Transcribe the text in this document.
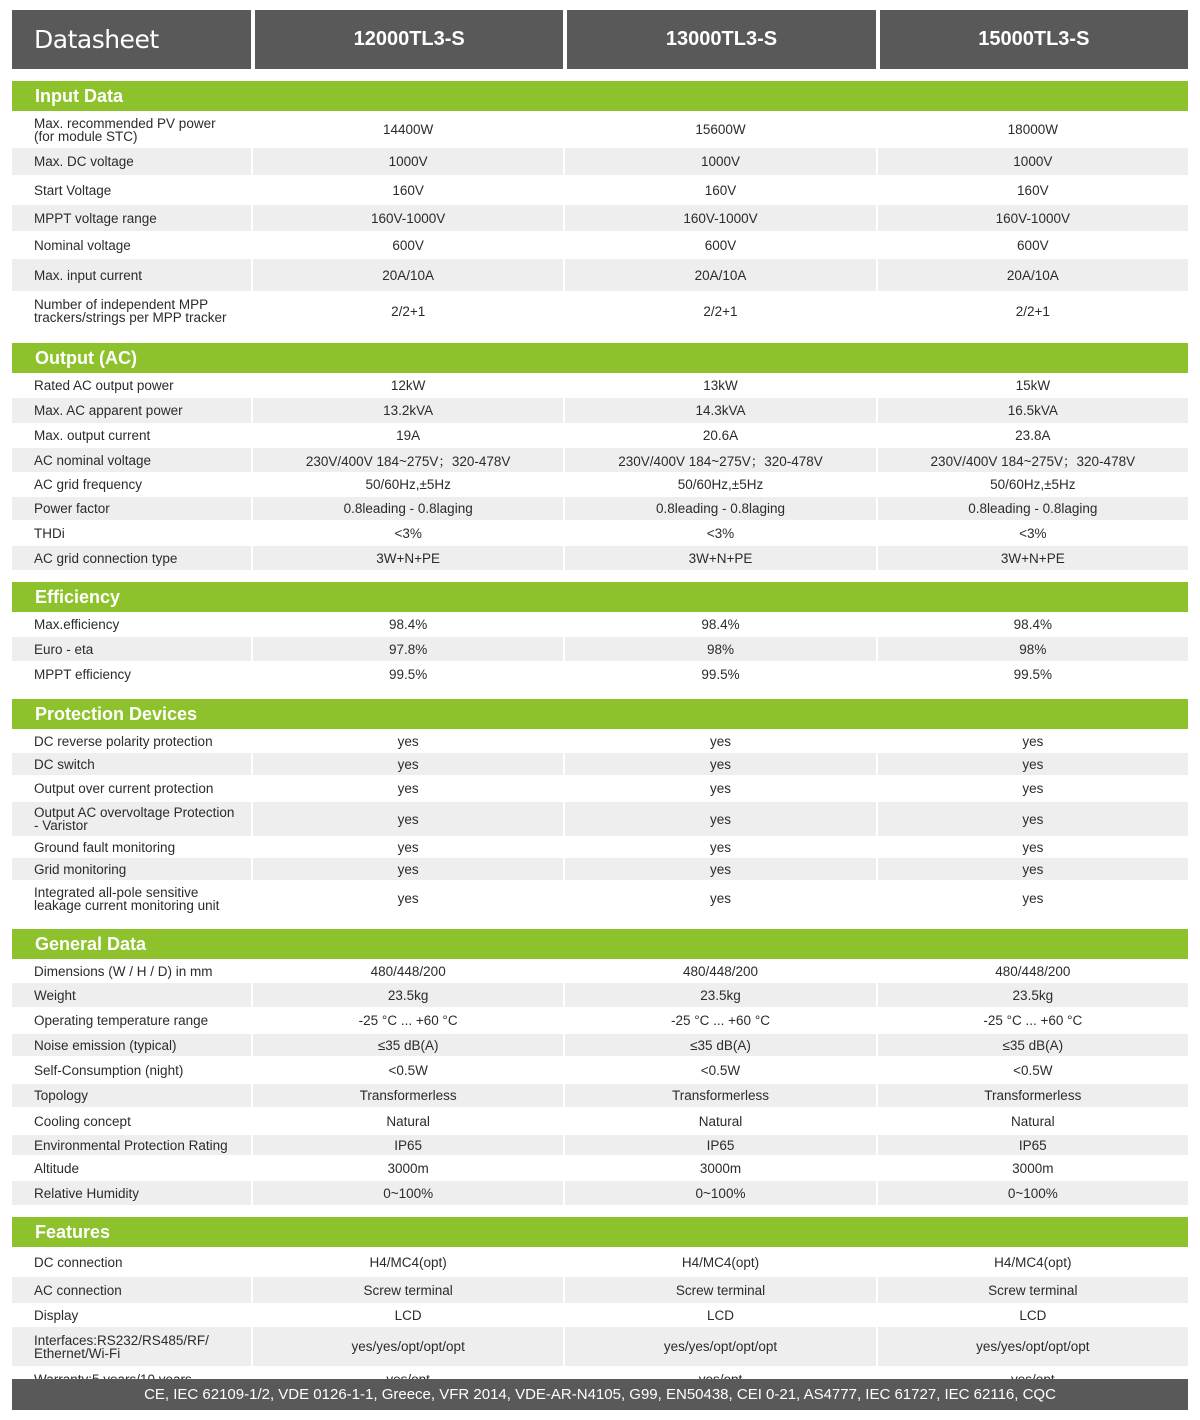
Datasheet	12000TL3-S	13000TL3-S	15000TL3-S
Input Data
Max. recommended PV power
(for module STC)	14400W	15600W	18000W
Max. DC voltage	1000V	1000V	1000V
Start Voltage	160V	160V	160V
MPPT voltage range	160V-1000V	160V-1000V	160V-1000V
Nominal voltage	600V	600V	600V
Max. input current	20A/10A	20A/10A	20A/10A
Number of independent MPP
trackers/strings per MPP tracker	2/2+1	2/2+1	2/2+1
Output (AC)
Rated AC output power	12kW	13kW	15kW
Max. AC apparent power	13.2kVA	14.3kVA	16.5kVA
Max. output current	19A	20.6A	23.8A
AC nominal voltage	230V/400V 184~275V；320-478V	230V/400V 184~275V；320-478V	230V/400V 184~275V；320-478V
AC grid frequency	50/60Hz,±5Hz	50/60Hz,±5Hz	50/60Hz,±5Hz
Power factor	0.8leading - 0.8laging	0.8leading - 0.8laging	0.8leading - 0.8laging
THDi	<3%	<3%	<3%
AC grid connection type	3W+N+PE	3W+N+PE	3W+N+PE
Efficiency
Max.efficiency	98.4%	98.4%	98.4%
Euro - eta	97.8%	98%	98%
MPPT efficiency	99.5%	99.5%	99.5%
Protection Devices
DC reverse polarity protection	yes	yes	yes
DC switch	yes	yes	yes
Output over current protection	yes	yes	yes
Output AC overvoltage Protection
- Varistor	yes	yes	yes
Ground fault monitoring	yes	yes	yes
Grid monitoring	yes	yes	yes
Integrated all-pole sensitive
leakage current monitoring unit	yes	yes	yes
General Data
Dimensions (W / H / D) in mm	480/448/200	480/448/200	480/448/200
Weight	23.5kg	23.5kg	23.5kg
Operating temperature range	-25 °C ... +60 °C	-25 °C ... +60 °C	-25 °C ... +60 °C
Noise emission (typical)	≤35 dB(A)	≤35 dB(A)	≤35 dB(A)
Self-Consumption (night)	<0.5W	<0.5W	<0.5W
Topology	Transformerless	Transformerless	Transformerless
Cooling concept	Natural	Natural	Natural
Environmental Protection Rating	IP65	IP65	IP65
Altitude	3000m	3000m	3000m
Relative Humidity	0~100%	0~100%	0~100%
Features
DC connection	H4/MC4(opt)	H4/MC4(opt)	H4/MC4(opt)
AC connection	Screw terminal	Screw terminal	Screw terminal
Display	LCD	LCD	LCD
Interfaces:RS232/RS485/RF/
Ethernet/Wi-Fi	yes/yes/opt/opt/opt	yes/yes/opt/opt/opt	yes/yes/opt/opt/opt
CE, IEC 62109-1/2, VDE 0126-1-1, Greece, VFR 2014, VDE-AR-N4105, G99, EN50438, CEI 0-21, AS4777, IEC 61727, IEC 62116, CQC
